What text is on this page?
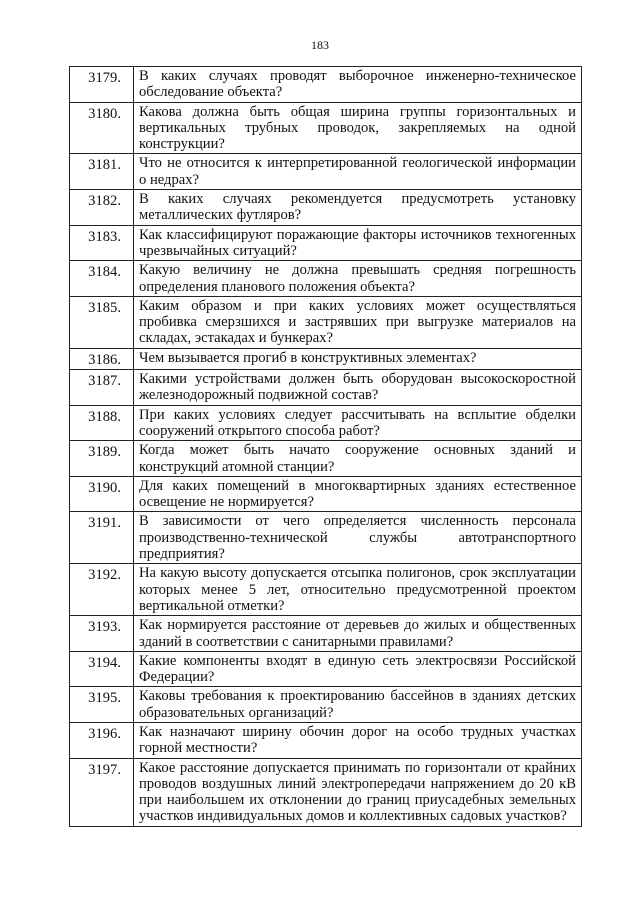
183
3179.	В каких случаях проводят выборочное инженерно-техническое обследование объекта?
3180.	Какова должна быть общая ширина группы горизонтальных и вертикальных трубных проводок, закрепляемых на одной конструкции?
3181.	Что не относится к интерпретированной геологической информации о недрах?
3182.	В каких случаях рекомендуется предусмотреть установку металлических футляров?
3183.	Как классифицируют поражающие факторы источников техногенных чрезвычайных ситуаций?
3184.	Какую величину не должна превышать средняя погрешность определения планового положения объекта?
3185.	Каким образом и при каких условиях может осуществляться пробивка смерзшихся и застрявших при выгрузке материалов на складах, эстакадах и бункерах?
3186.	Чем вызывается прогиб в конструктивных элементах?
3187.	Какими устройствами должен быть оборудован высокоскоростной железнодорожный подвижной состав?
3188.	При каких условиях следует рассчитывать на всплытие обделки сооружений открытого способа работ?
3189.	Когда может быть начато сооружение основных зданий и конструкций атомной станции?
3190.	Для каких помещений в многоквартирных зданиях естественное освещение не нормируется?
3191.	В зависимости от чего определяется численность персонала производственно-технической службы автотранспортного предприятия?
3192.	На какую высоту допускается отсыпка полигонов, срок эксплуатации которых менее 5 лет, относительно предусмотренной проектом вертикальной отметки?
3193.	Как нормируется расстояние от деревьев до жилых и общественных зданий в соответствии с санитарными правилами?
3194.	Какие компоненты входят в единую сеть электросвязи Российской Федерации?
3195.	Каковы требования к проектированию бассейнов в зданиях детских образовательных организаций?
3196.	Как назначают ширину обочин дорог на особо трудных участках горной местности?
3197.	Какое расстояние допускается принимать по горизонтали от крайних проводов воздушных линий электропередачи напряжением до 20 кВ при наибольшем их отклонении до границ приусадебных земельных участков индивидуальных домов и коллективных садовых участков?
